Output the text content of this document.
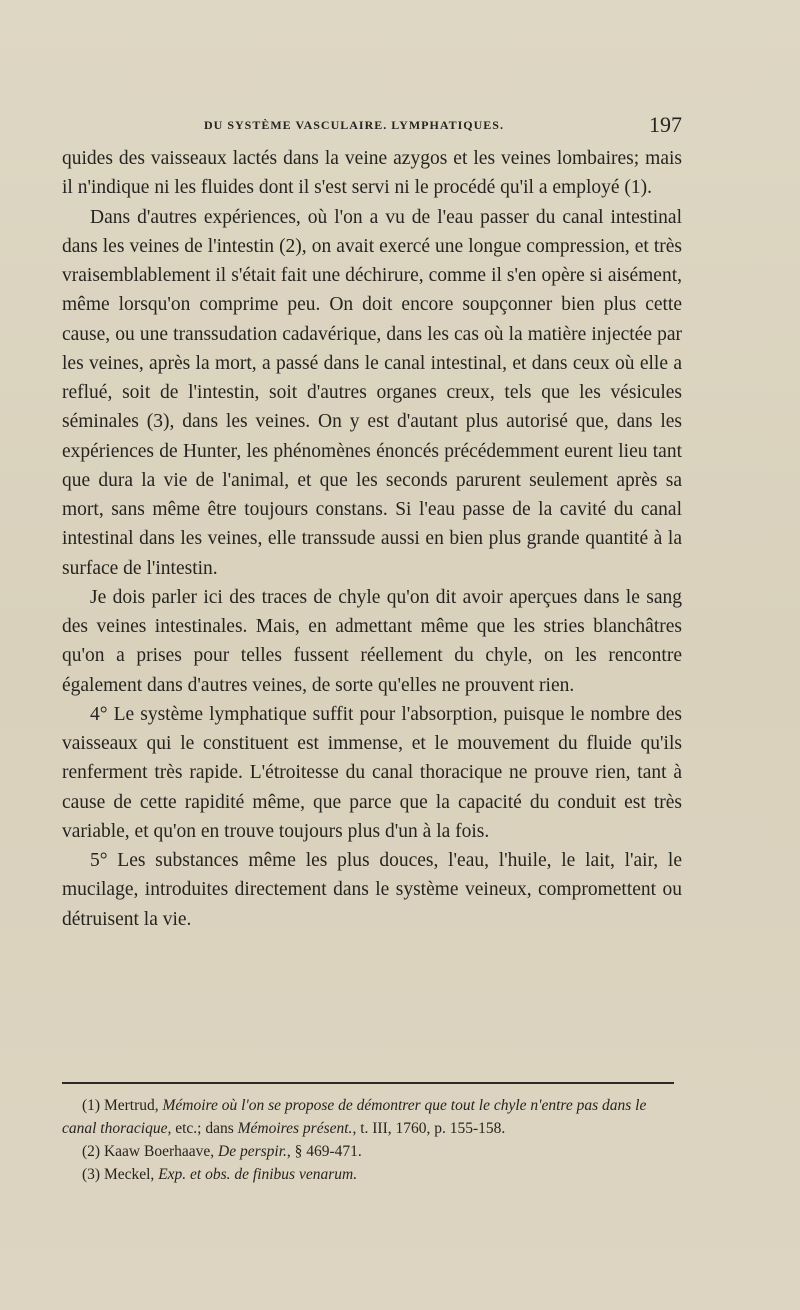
DU SYSTÈME VASCULAIRE. LYMPHATIQUES.	197

quides des vaisseaux lactés dans la veine azygos et les veines lombaires; mais il n'indique ni les fluides dont il s'est servi ni le procédé qu'il a employé (1).

Dans d'autres expériences, où l'on a vu de l'eau passer du canal intestinal dans les veines de l'intestin (2), on avait exercé une longue compression, et très vraisemblablement il s'était fait une déchirure, comme il s'en opère si aisément, même lorsqu'on comprime peu. On doit encore soupçonner bien plus cette cause, ou une transsudation cadavérique, dans les cas où la matière injectée par les veines, après la mort, a passé dans le canal intestinal, et dans ceux où elle a reflué, soit de l'intestin, soit d'autres organes creux, tels que les vésicules séminales (3), dans les veines. On y est d'autant plus autorisé que, dans les expériences de Hunter, les phénomènes énoncés précédemment eurent lieu tant que dura la vie de l'animal, et que les seconds parurent seulement après sa mort, sans même être toujours constans. Si l'eau passe de la cavité du canal intestinal dans les veines, elle transsude aussi en bien plus grande quantité à la surface de l'intestin.

Je dois parler ici des traces de chyle qu'on dit avoir aperçues dans le sang des veines intestinales. Mais, en admettant même que les stries blanchâtres qu'on a prises pour telles fussent réellement du chyle, on les rencontre également dans d'autres veines, de sorte qu'elles ne prouvent rien.

4° Le système lymphatique suffit pour l'absorption, puisque le nombre des vaisseaux qui le constituent est immense, et le mouvement du fluide qu'ils renferment très rapide. L'étroitesse du canal thoracique ne prouve rien, tant à cause de cette rapidité même, que parce que la capacité du conduit est très variable, et qu'on en trouve toujours plus d'un à la fois.

5° Les substances même les plus douces, l'eau, l'huile, le lait, l'air, le mucilage, introduites directement dans le système veineux, compromettent ou détruisent la vie.

(1) Mertrud, Mémoire où l'on se propose de démontrer que tout le chyle n'entre pas dans le canal thoracique, etc.; dans Mémoires présent., t. III, 1760, p. 155-158.

(2) Kaaw Boerhaave, De perspir., § 469-471.

(3) Meckel, Exp. et obs. de finibus venarum.
